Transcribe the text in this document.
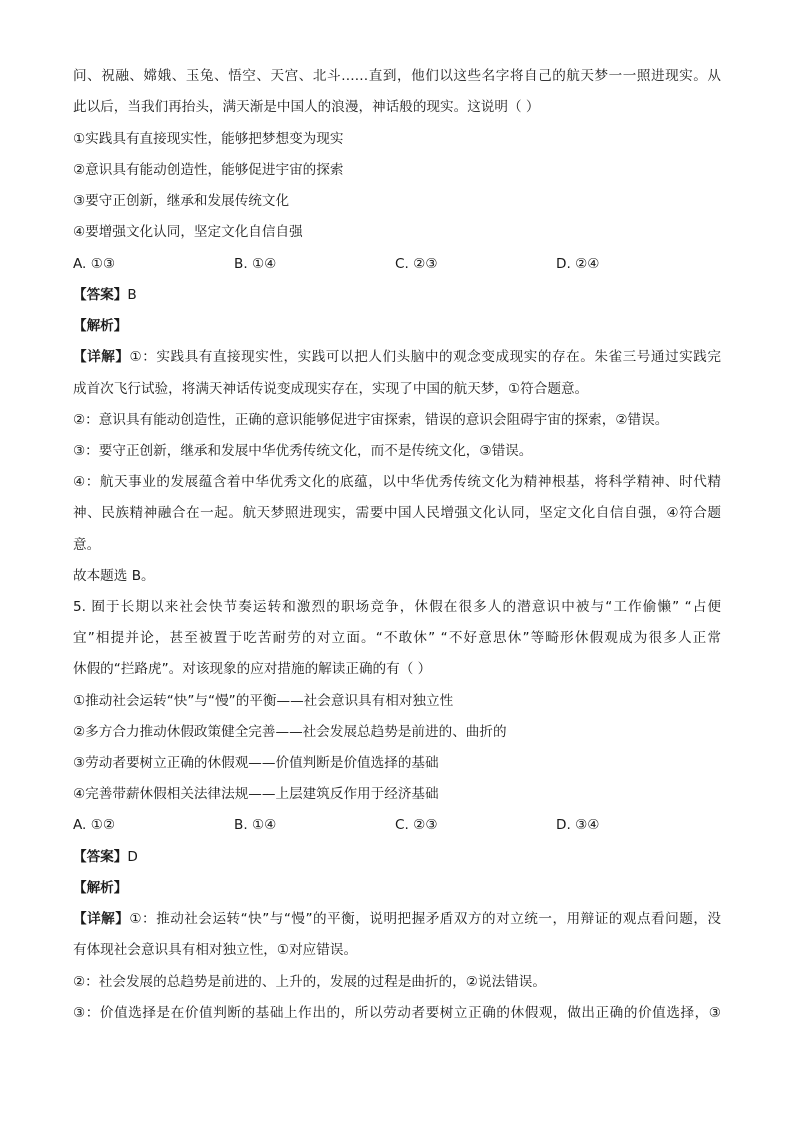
问、祝融、嫦娥、玉兔、悟空、天宫、北斗……直到，他们以这些名字将自己的航天梦一一照进现实。从
此以后，当我们再抬头，满天渐是中国人的浪漫，神话般的现实。这说明（ ）
①实践具有直接现实性，能够把梦想变为现实
②意识具有能动创造性，能够促进宇宙的探索
③要守正创新，继承和发展传统文化
④要增强文化认同，坚定文化自信自强
A. ①③	B. ①④	C. ②③	D. ②④
【答案】B
【解析】
【详解】①：实践具有直接现实性，实践可以把人们头脑中的观念变成现实的存在。朱雀三号通过实践完
成首次飞行试验，将满天神话传说变成现实存在，实现了中国的航天梦，①符合题意。
②：意识具有能动创造性，正确的意识能够促进宇宙探索，错误的意识会阻碍宇宙的探索，②错误。
③：要守正创新，继承和发展中华优秀传统文化，而不是传统文化，③错误。
④：航天事业的发展蕴含着中华优秀文化的底蕴，以中华优秀传统文化为精神根基，将科学精神、时代精
神、民族精神融合在一起。航天梦照进现实，需要中国人民增强文化认同，坚定文化自信自强，④符合题
意。
故本题选 B。
5. 囿于长期以来社会快节奏运转和激烈的职场竞争，休假在很多人的潜意识中被与“工作偷懒” “占便
宜”相提并论，甚至被置于吃苦耐劳的对立面。“不敢休” “不好意思休”等畸形休假观成为很多人正常
休假的“拦路虎”。对该现象的应对措施的解读正确的有（ ）
①推动社会运转“快”与“慢”的平衡——社会意识具有相对独立性
②多方合力推动休假政策健全完善——社会发展总趋势是前进的、曲折的
③劳动者要树立正确的休假观——价值判断是价值选择的基础
④完善带薪休假相关法律法规——上层建筑反作用于经济基础
A. ①②	B. ①④	C. ②③	D. ③④
【答案】D
【解析】
【详解】①：推动社会运转“快”与“慢”的平衡，说明把握矛盾双方的对立统一，用辩证的观点看问题，没
有体现社会意识具有相对独立性，①对应错误。
②：社会发展的总趋势是前进的、上升的，发展的过程是曲折的，②说法错误。
③：价值选择是在价值判断的基础上作出的，所以劳动者要树立正确的休假观，做出正确的价值选择，③
